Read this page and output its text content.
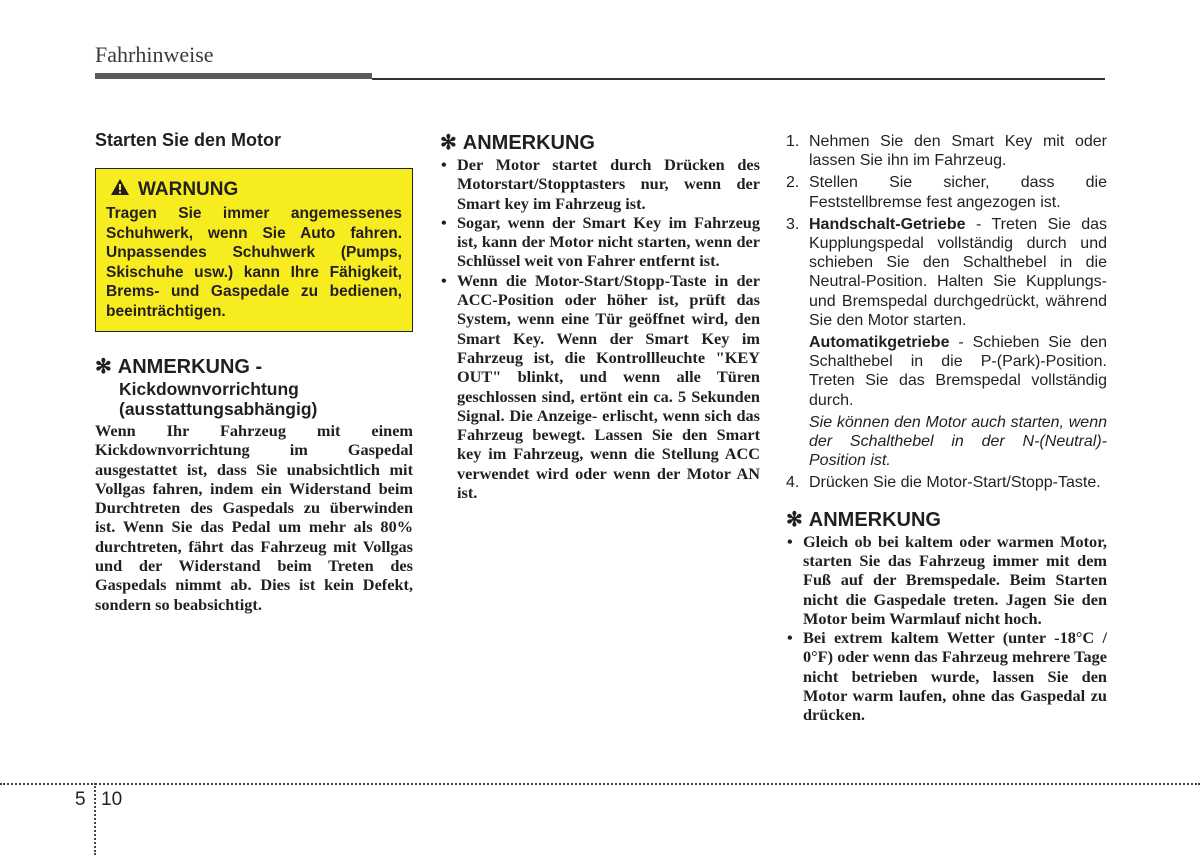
Fahrhinweise
Starten Sie den Motor
WARNUNG
Tragen Sie immer angemessenes Schuhwerk, wenn Sie Auto fahren. Unpassendes Schuhwerk (Pumps, Skischuhe usw.) kann Ihre Fähigkeit, Brems- und Gaspedale zu bedienen, beeinträchtigen.
✻ ANMERKUNG -
Kickdownvorrichtung
(ausstattungsabhängig)
Wenn Ihr Fahrzeug mit einem Kickdownvorrichtung im Gaspedal ausgestattet ist, dass Sie unabsichtlich mit Vollgas fahren, indem ein Widerstand beim Durchtreten des Gaspedals zu überwinden ist. Wenn Sie das Pedal um mehr als 80% durchtreten, fährt das Fahrzeug mit Vollgas und der Widerstand beim Treten des Gaspedals nimmt ab. Dies ist kein Defekt, sondern so beabsichtigt.
✻ ANMERKUNG
• Der Motor startet durch Drücken des Motorstart/Stopptasters nur, wenn der Smart key im Fahrzeug ist.
• Sogar, wenn der Smart Key im Fahrzeug ist, kann der Motor nicht starten, wenn der Schlüssel weit von Fahrer entfernt ist.
• Wenn die Motor-Start/Stopp-Taste in der ACC-Position oder höher ist, prüft das System, wenn eine Tür geöffnet wird, den Smart Key. Wenn der Smart Key im Fahrzeug ist, die Kontrollleuchte "KEY OUT" blinkt, und wenn alle Türen geschlossen sind, ertönt ein ca. 5 Sekunden Signal. Die Anzeige- erlischt, wenn sich das Fahrzeug bewegt. Lassen Sie den Smart key im Fahrzeug, wenn die Stellung ACC verwendet wird oder wenn der Motor AN ist.
1. Nehmen Sie den Smart Key mit oder lassen Sie ihn im Fahrzeug.
2. Stellen Sie sicher, dass die Feststellbremse fest angezogen ist.
3. Handschalt-Getriebe - Treten Sie das Kupplungspedal vollständig durch und schieben Sie den Schalthebel in die Neutral-Position. Halten Sie Kupplungs- und Bremspedal durchgedrückt, während Sie den Motor starten.
Automatikgetriebe - Schieben Sie den Schalthebel in die P-(Park)-Position. Treten Sie das Bremspedal vollständig durch.
Sie können den Motor auch starten, wenn der Schalthebel in der N-(Neutral)-Position ist.
4. Drücken Sie die Motor-Start/Stopp-Taste.
✻ ANMERKUNG
• Gleich ob bei kaltem oder warmen Motor, starten Sie das Fahrzeug immer mit dem Fuß auf der Bremspedale. Beim Starten nicht die Gaspedale treten. Jagen Sie den Motor beim Warmlauf nicht hoch.
• Bei extrem kaltem Wetter (unter -18°C / 0°F) oder wenn das Fahrzeug mehrere Tage nicht betrieben wurde, lassen Sie den Motor warm laufen, ohne das Gaspedal zu drücken.
5 10
